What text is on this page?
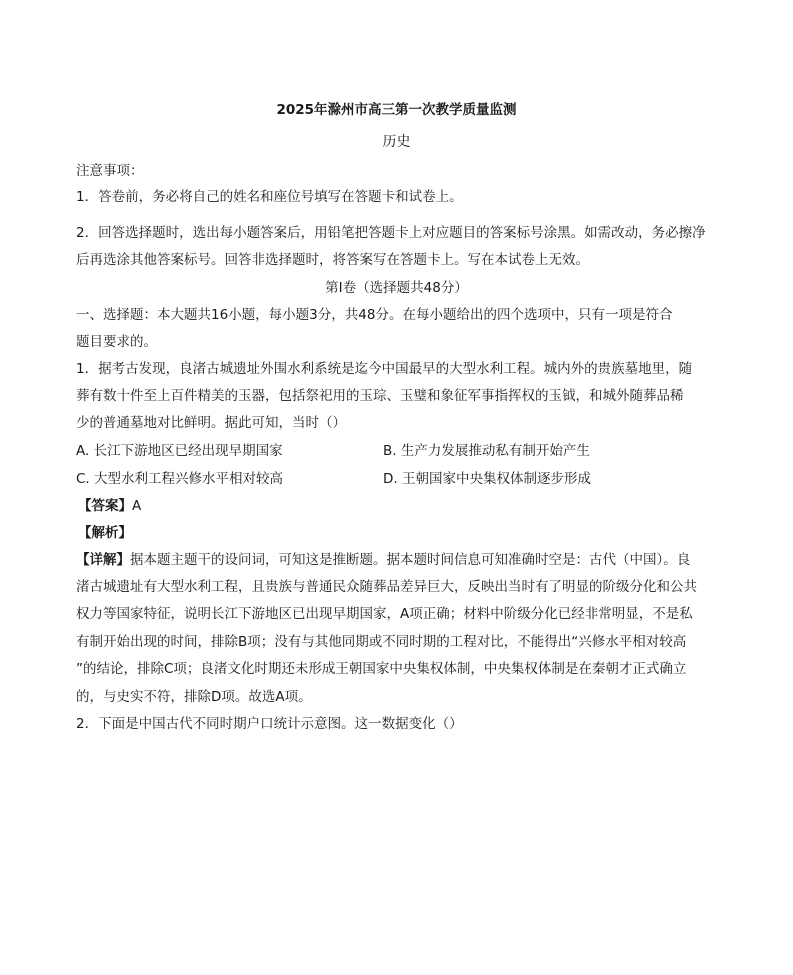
2025年滁州市高三第一次教学质量监测
历史
注意事项：
1．答卷前，务必将自己的姓名和座位号填写在答题卡和试卷上。
2．回答选择题时，选出每小题答案后，用铅笔把答题卡上对应题目的答案标号涂黑。如需改动，务必擦净
后再选涂其他答案标号。回答非选择题时，将答案写在答题卡上。写在本试卷上无效。
第Ⅰ卷（选择题共48分）
一、选择题：本大题共16小题，每小题3分，共48分。在每小题给出的四个选项中，只有一项是符合
题目要求的。
1．据考古发现，良渚古城遗址外围水利系统是迄今中国最早的大型水利工程。城内外的贵族墓地里，随
葬有数十件至上百件精美的玉器，包括祭祀用的玉琮、玉璧和象征军事指挥权的玉钺，和城外随葬品稀
少的普通墓地对比鲜明。据此可知，当时（）
A. 长江下游地区已经出现早期国家	B. 生产力发展推动私有制开始产生
C. 大型水利工程兴修水平相对较高	D. 王朝国家中央集权体制逐步形成
【答案】A
【解析】
【详解】据本题主题干的设问词，可知这是推断题。据本题时间信息可知准确时空是：古代（中国）。良
渚古城遗址有大型水利工程，且贵族与普通民众随葬品差异巨大，反映出当时有了明显的阶级分化和公共
权力等国家特征，说明长江下游地区已出现早期国家，A项正确；材料中阶级分化已经非常明显，不是私
有制开始出现的时间，排除B项；没有与其他同期或不同时期的工程对比，不能得出“兴修水平相对较高
”的结论，排除C项；良渚文化时期还未形成王朝国家中央集权体制，中央集权体制是在秦朝才正式确立
的，与史实不符，排除D项。故选A项。
2．下面是中国古代不同时期户口统计示意图。这一数据变化（）
